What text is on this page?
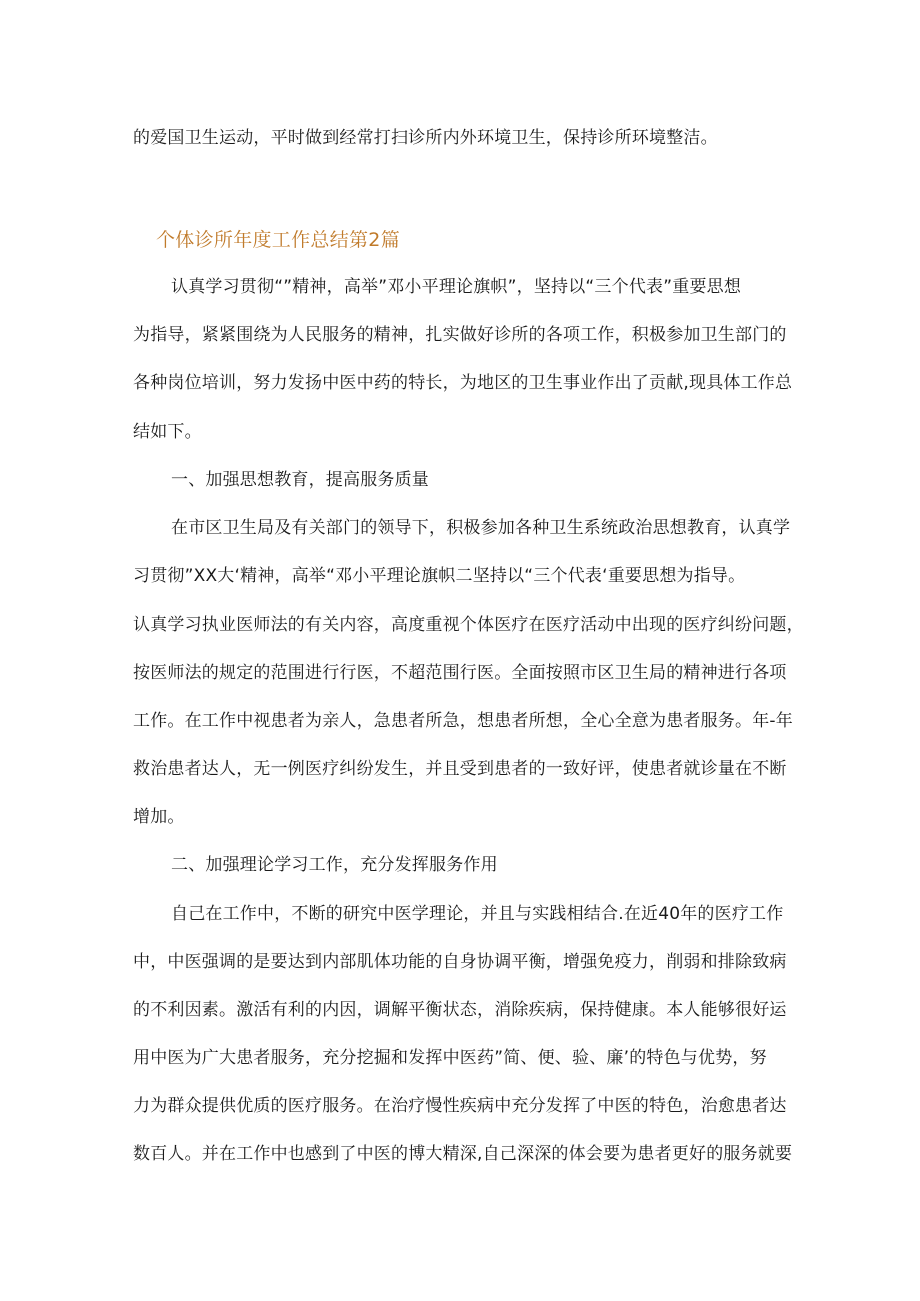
的爱国卫生运动，平时做到经常打扫诊所内外环境卫生，保持诊所环境整洁。
个体诊所年度工作总结第2篇
认真学习贯彻“”精神，高举”邓小平理论旗帜”，坚持以“三个代表”重要思想
为指导，紧紧围绕为人民服务的精神，扎实做好诊所的各项工作，积极参加卫生部门的
各种岗位培训，努力发扬中医中药的特长，为地区的卫生事业作出了贡献,现具体工作总
结如下。
一、加强思想教育，提高服务质量
在市区卫生局及有关部门的领导下，积极参加各种卫生系统政治思想教育，认真学
习贯彻”XX大‘精神，高举“邓小平理论旗帜二坚持以“三个代表‘重要思想为指导。
认真学习执业医师法的有关内容，高度重视个体医疗在医疗活动中出现的医疗纠纷问题，
按医师法的规定的范围进行行医，不超范围行医。全面按照市区卫生局的精神进行各项
工作。在工作中视患者为亲人，急患者所急，想患者所想，全心全意为患者服务。年-年
救治患者达人，无一例医疗纠纷发生，并且受到患者的一致好评，使患者就诊量在不断
增加。
二、加强理论学习工作，充分发挥服务作用
自己在工作中，不断的研究中医学理论，并且与实践相结合.在近40年的医疗工作
中，中医强调的是要达到内部肌体功能的自身协调平衡，增强免疫力，削弱和排除致病
的不利因素。激活有利的内因，调解平衡状态，消除疾病，保持健康。本人能够很好运
用中医为广大患者服务，充分挖掘和发挥中医药”简、便、验、廉’的特色与优势，努
力为群众提供优质的医疗服务。在治疗慢性疾病中充分发挥了中医的特色，治愈患者达
数百人。并在工作中也感到了中医的博大精深,自己深深的体会要为患者更好的服务就要
